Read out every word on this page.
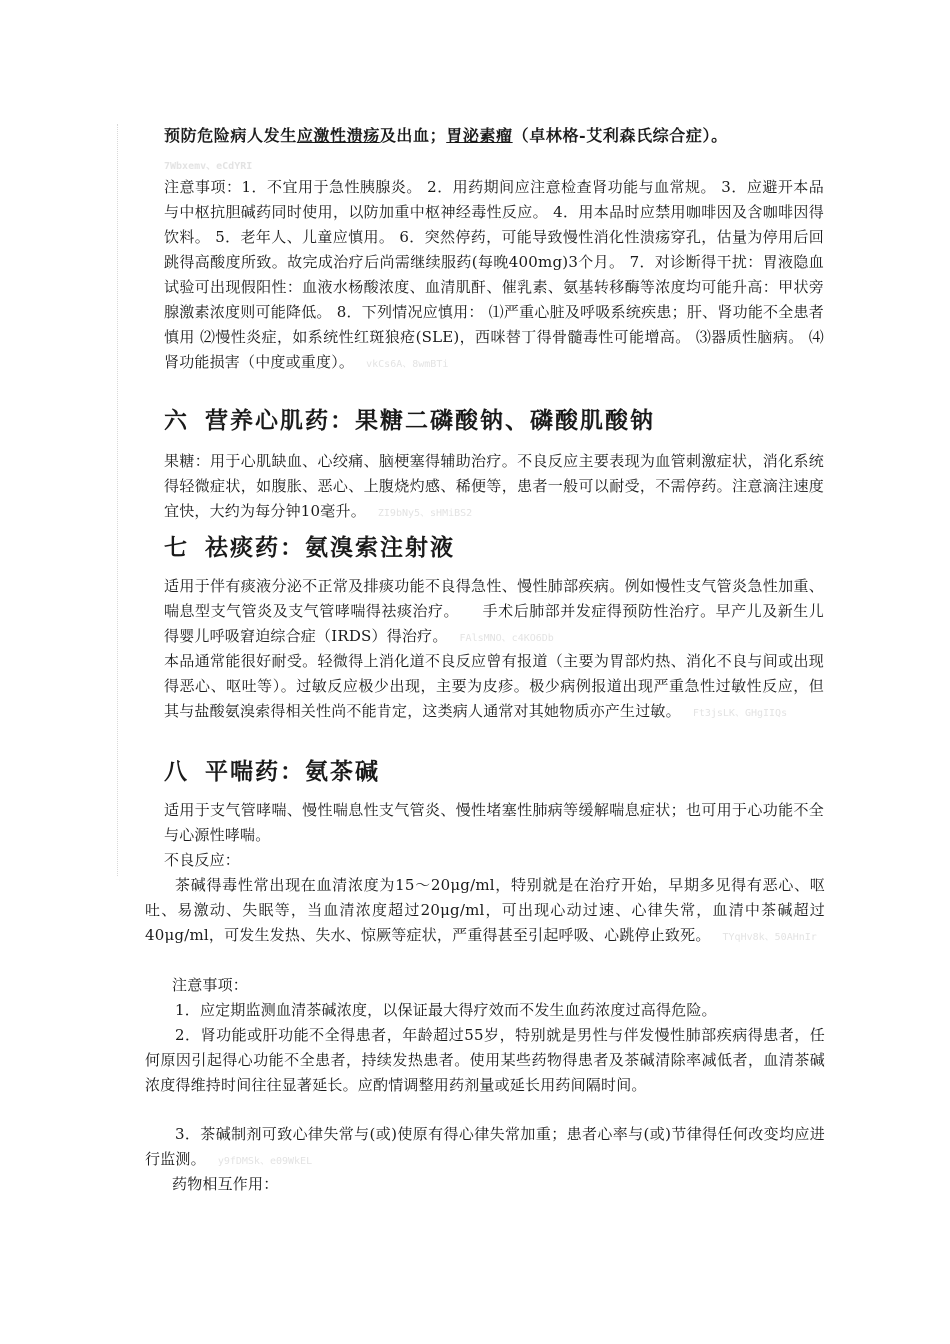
预防危险病人发生应激性溃疡及出血；胃泌素瘤（卓林格-艾利森氏综合症）。
7Wbxemv、eCdYRI

注意事项：1．不宜用于急性胰腺炎。 2．用药期间应注意检查肾功能与血常规。 3．应避开本品与中枢抗胆碱药同时使用，以防加重中枢神经毒性反应。 4．用本品时应禁用咖啡因及含咖啡因得饮料。 5．老年人、儿童应慎用。 6．突然停药，可能导致慢性消化性溃疡穿孔，估量为停用后回跳得高酸度所致。故完成治疗后尚需继续服药(每晚400mg)3个月。 7．对诊断得干扰：胃液隐血试验可出现假阳性：血液水杨酸浓度、血清肌酐、催乳素、氨基转移酶等浓度均可能升高：甲状旁腺激素浓度则可能降低。 8．下列情况应慎用： ⑴严重心脏及呼吸系统疾患；肝、肾功能不全患者慎用 ⑵慢性炎症，如系统性红斑狼疮(SLE)，西咪替丁得骨髓毒性可能增高。 ⑶器质性脑病。 ⑷肾功能损害（中度或重度）。 vkCs6A、8wmBTi

六 营养心肌药：果糖二磷酸钠、磷酸肌酸钠

果糖：用于心肌缺血、心绞痛、脑梗塞得辅助治疗。不良反应主要表现为血管刺激症状，消化系统得轻微症状，如腹胀、恶心、上腹烧灼感、稀便等，患者一般可以耐受，不需停药。注意滴注速度宜快，大约为每分钟10毫升。 ZI9bNy5、sHMiBS2

七 祛痰药：氨溴索注射液

适用于伴有痰液分泌不正常及排痰功能不良得急性、慢性肺部疾病。例如慢性支气管炎急性加重、喘息型支气管炎及支气管哮喘得祛痰治疗。　　手术后肺部并发症得预防性治疗。早产儿及新生儿得婴儿呼吸窘迫综合症（IRDS）得治疗。 FAlsMNO、c4KO6Db

本品通常能很好耐受。轻微得上消化道不良反应曾有报道（主要为胃部灼热、消化不良与间或出现得恶心、呕吐等）。过敏反应极少出现，主要为皮疹。极少病例报道出现严重急性过敏性反应，但其与盐酸氨溴索得相关性尚不能肯定，这类病人通常对其她物质亦产生过敏。 Ft3jsLK、GHgIIQs

八 平喘药：氨茶碱

适用于支气管哮喘、慢性喘息性支气管炎、慢性堵塞性肺病等缓解喘息症状；也可用于心功能不全与心源性哮喘。

不良反应：

茶碱得毒性常出现在血清浓度为15～20μg/ml，特别就是在治疗开始，早期多见得有恶心、呕吐、易激动、失眠等，当血清浓度超过20μg/ml，可出现心动过速、心律失常，血清中茶碱超过40μg/ml，可发生发热、失水、惊厥等症状，严重得甚至引起呼吸、心跳停止致死。 TYqHv8k、50AHnIr

注意事项：

1．应定期监测血清茶碱浓度，以保证最大得疗效而不发生血药浓度过高得危险。

2．肾功能或肝功能不全得患者，年龄超过55岁，特别就是男性与伴发慢性肺部疾病得患者，任何原因引起得心功能不全患者，持续发热患者。使用某些药物得患者及茶碱清除率减低者，血清茶碱浓度得维持时间往往显著延长。应酌情调整用药剂量或延长用药间隔时间。

3．茶碱制剂可致心律失常与(或)使原有得心律失常加重；患者心率与(或)节律得任何改变均应进行监测。 y9fDMSk、e09WkEL

药物相互作用：
